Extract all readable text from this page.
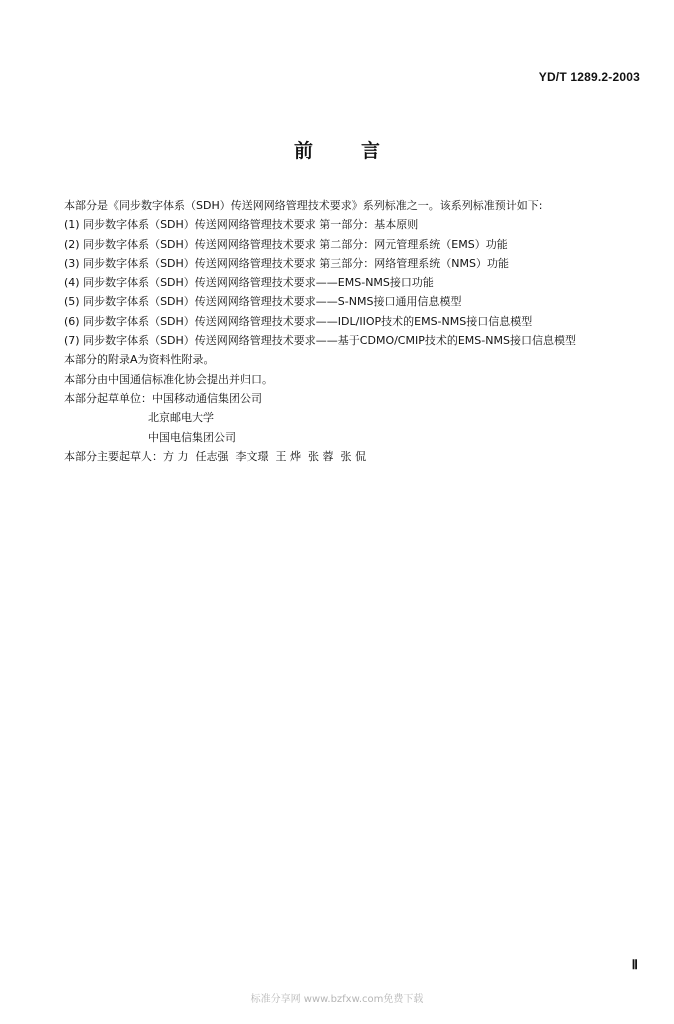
YD/T 1289.2-2003
前言

本部分是《同步数字体系（SDH）传送网网络管理技术要求》系列标准之一。该系列标准预计如下:

(1) 同步数字体系（SDH）传送网网络管理技术要求 第一部分：基本原则

(2) 同步数字体系（SDH）传送网网络管理技术要求 第二部分：网元管理系统（EMS）功能

(3) 同步数字体系（SDH）传送网网络管理技术要求 第三部分：网络管理系统（NMS）功能

(4) 同步数字体系（SDH）传送网网络管理技术要求——EMS-NMS接口功能

(5) 同步数字体系（SDH）传送网网络管理技术要求——S-NMS接口通用信息模型

(6) 同步数字体系（SDH）传送网网络管理技术要求——IDL/IIOP技术的EMS-NMS接口信息模型

(7) 同步数字体系（SDH）传送网网络管理技术要求——基于CDMO/CMIP技术的EMS-NMS接口信息模型

本部分的附录A为资料性附录。

本部分由中国通信标准化协会提出并归口。

本部分起草单位： 中国移动通信集团公司

北京邮电大学

中国电信集团公司

本部分主要起草人： 方 力  任志强  李文璟  王 烨  张 蓉  张 侃
Ⅱ
标准分享网 www.bzfxw.com免费下载
